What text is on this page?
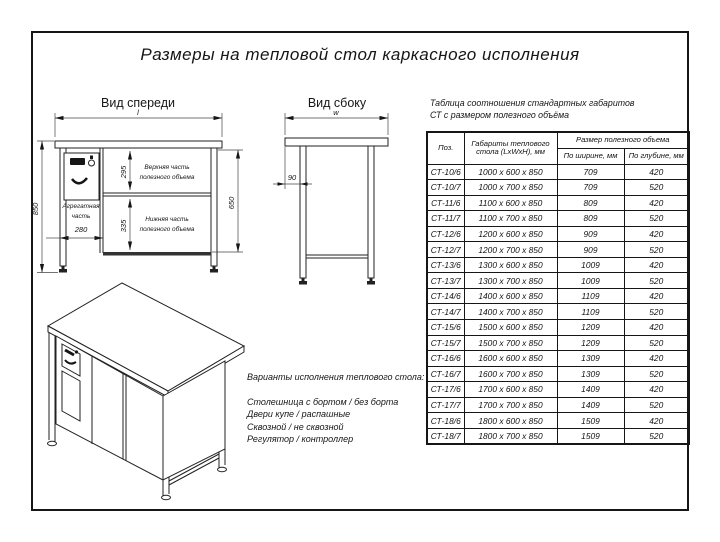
Размеры на тепловой стол каркасного исполнения
Вид спереди
l
Агрегатная
часть
Верхняя часть
полезного объема
Нижняя часть
полезного объема
280
295
335
650
850
Вид сбоку
w
90
Варианты исполнения теплового стола:
Столешница с бортом / без борта
Двери купе / распашные
Сквозной / не сквозной
Регулятор / контроллер
Таблица соотношения стандартных габаритов
СТ с размером полезного объёма
Поз.	Габариты теплового
стола (LxWxH), мм	Размер полезного объема	
		По ширине, мм	По глубине, мм
СТ-10/6	1000 х 600 х 850	709	420
СТ-10/7	1000 х 700 х 850	709	520
СТ-11/6	1100 х 600 х 850	809	420
СТ-11/7	1100 х 700 х 850	809	520
СТ-12/6	1200 х 600 х 850	909	420
СТ-12/7	1200 х 700 х 850	909	520
СТ-13/6	1300 х 600 х 850	1009	420
СТ-13/7	1300 х 700 х 850	1009	520
СТ-14/6	1400 х 600 х 850	1109	420
СТ-14/7	1400 х 700 х 850	1109	520
СТ-15/6	1500 х 600 х 850	1209	420
СТ-15/7	1500 х 700 х 850	1209	520
СТ-16/6	1600 х 600 х 850	1309	420
СТ-16/7	1600 х 700 х 850	1309	520
СТ-17/6	1700 х 600 х 850	1409	420
СТ-17/7	1700 х 700 х 850	1409	520
СТ-18/6	1800 х 600 х 850	1509	420
СТ-18/7	1800 х 700 х 850	1509	520
